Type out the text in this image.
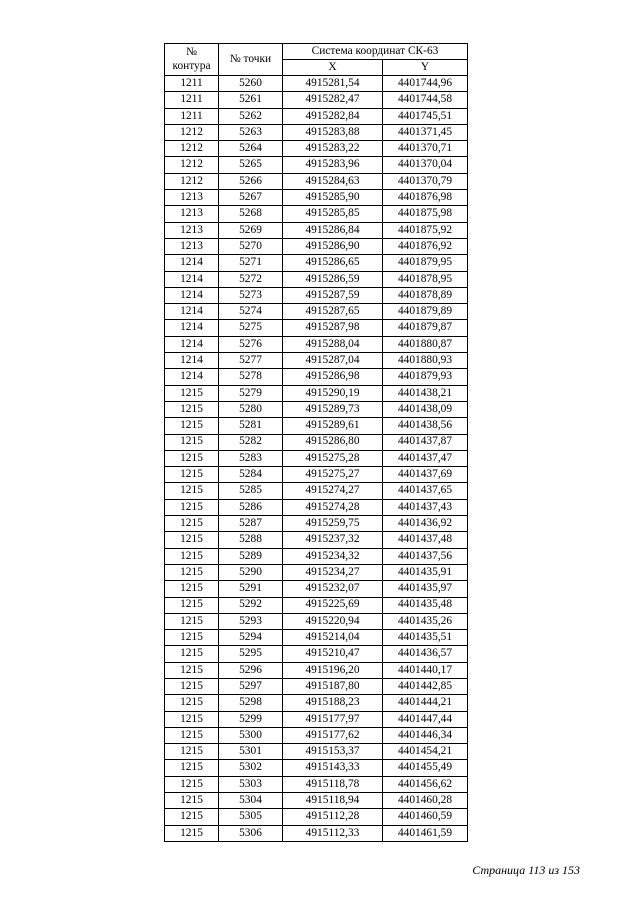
№
контура	№ точки	Система координат СК-63	
		X	Y
1211	5260	4915281,54	4401744,96
1211	5261	4915282,47	4401744,58
1211	5262	4915282,84	4401745,51
1212	5263	4915283,88	4401371,45
1212	5264	4915283,22	4401370,71
1212	5265	4915283,96	4401370,04
1212	5266	4915284,63	4401370,79
1213	5267	4915285,90	4401876,98
1213	5268	4915285,85	4401875,98
1213	5269	4915286,84	4401875,92
1213	5270	4915286,90	4401876,92
1214	5271	4915286,65	4401879,95
1214	5272	4915286,59	4401878,95
1214	5273	4915287,59	4401878,89
1214	5274	4915287,65	4401879,89
1214	5275	4915287,98	4401879,87
1214	5276	4915288,04	4401880,87
1214	5277	4915287,04	4401880,93
1214	5278	4915286,98	4401879,93
1215	5279	4915290,19	4401438,21
1215	5280	4915289,73	4401438,09
1215	5281	4915289,61	4401438,56
1215	5282	4915286,80	4401437,87
1215	5283	4915275,28	4401437,47
1215	5284	4915275,27	4401437,69
1215	5285	4915274,27	4401437,65
1215	5286	4915274,28	4401437,43
1215	5287	4915259,75	4401436,92
1215	5288	4915237,32	4401437,48
1215	5289	4915234,32	4401437,56
1215	5290	4915234,27	4401435,91
1215	5291	4915232,07	4401435,97
1215	5292	4915225,69	4401435,48
1215	5293	4915220,94	4401435,26
1215	5294	4915214,04	4401435,51
1215	5295	4915210,47	4401436,57
1215	5296	4915196,20	4401440,17
1215	5297	4915187,80	4401442,85
1215	5298	4915188,23	4401444,21
1215	5299	4915177,97	4401447,44
1215	5300	4915177,62	4401446,34
1215	5301	4915153,37	4401454,21
1215	5302	4915143,33	4401455,49
1215	5303	4915118,78	4401456,62
1215	5304	4915118,94	4401460,28
1215	5305	4915112,28	4401460,59
1215	5306	4915112,33	4401461,59
Страница 113 из 153
